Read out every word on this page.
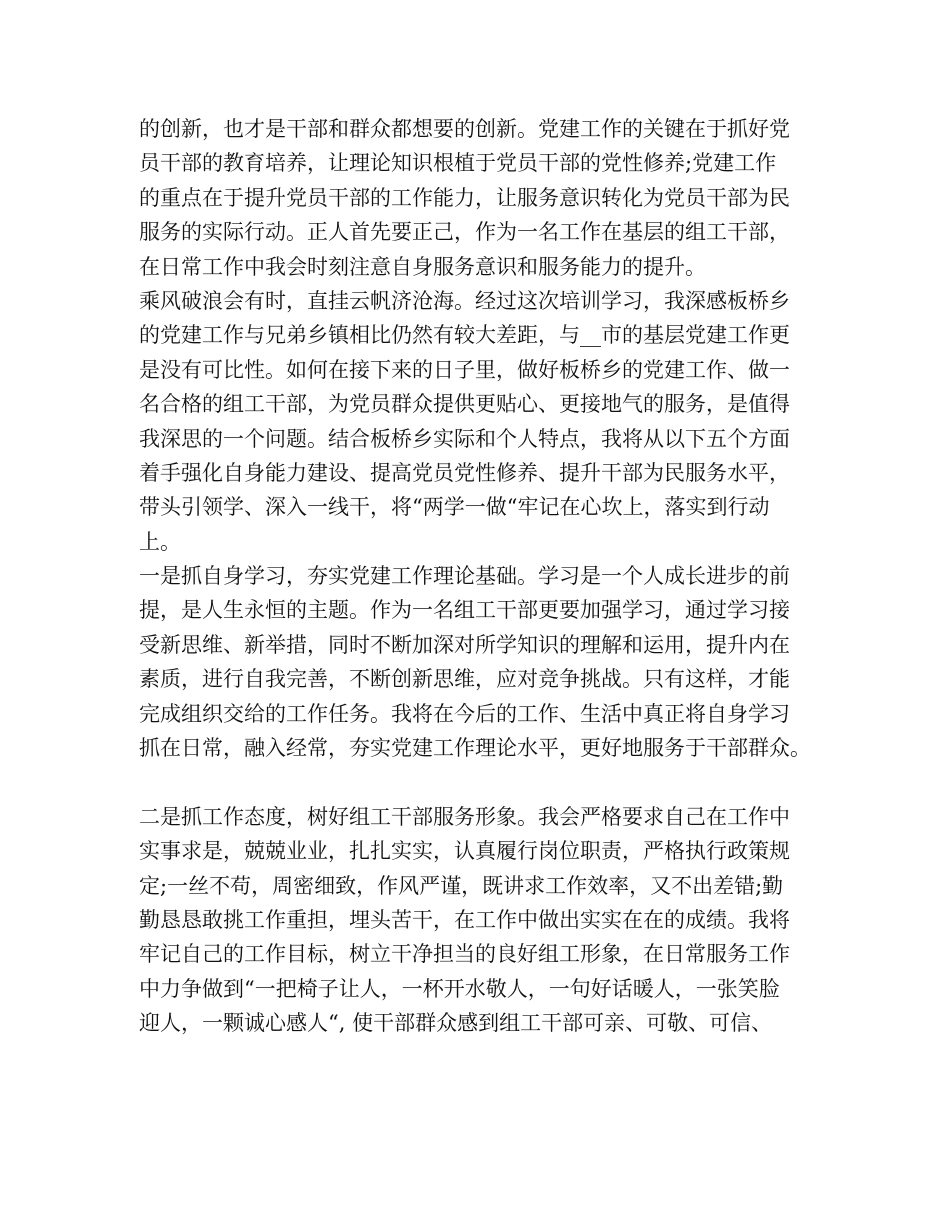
的创新，也才是干部和群众都想要的创新。党建工作的关键在于抓好党
员干部的教育培养，让理论知识根植于党员干部的党性修养;党建工作
的重点在于提升党员干部的工作能力，让服务意识转化为党员干部为民
服务的实际行动。正人首先要正己，作为一名工作在基层的组工干部，
在日常工作中我会时刻注意自身服务意识和服务能力的提升。
乘风破浪会有时，直挂云帆济沧海。经过这次培训学习，我深感板桥乡
的党建工作与兄弟乡镇相比仍然有较大差距，与__市的基层党建工作更
是没有可比性。如何在接下来的日子里，做好板桥乡的党建工作、做一
名合格的组工干部，为党员群众提供更贴心、更接地气的服务，是值得
我深思的一个问题。结合板桥乡实际和个人特点，我将从以下五个方面
着手强化自身能力建设、提高党员党性修养、提升干部为民服务水平，
带头引领学、深入一线干，将“两学一做“牢记在心坎上，落实到行动
上。
一是抓自身学习，夯实党建工作理论基础。学习是一个人成长进步的前
提，是人生永恒的主题。作为一名组工干部更要加强学习，通过学习接
受新思维、新举措，同时不断加深对所学知识的理解和运用，提升内在
素质，进行自我完善，不断创新思维，应对竞争挑战。只有这样，才能
完成组织交给的工作任务。我将在今后的工作、生活中真正将自身学习
抓在日常，融入经常，夯实党建工作理论水平，更好地服务于干部群众。
二是抓工作态度，树好组工干部服务形象。我会严格要求自己在工作中
实事求是，兢兢业业，扎扎实实，认真履行岗位职责，严格执行政策规
定;一丝不苟，周密细致，作风严谨，既讲求工作效率，又不出差错;勤
勤恳恳敢挑工作重担，埋头苦干，在工作中做出实实在在的成绩。我将
牢记自己的工作目标，树立干净担当的良好组工形象，在日常服务工作
中力争做到“一把椅子让人，一杯开水敬人，一句好话暖人，一张笑脸
迎人，一颗诚心感人“, 使干部群众感到组工干部可亲、可敬、可信、
